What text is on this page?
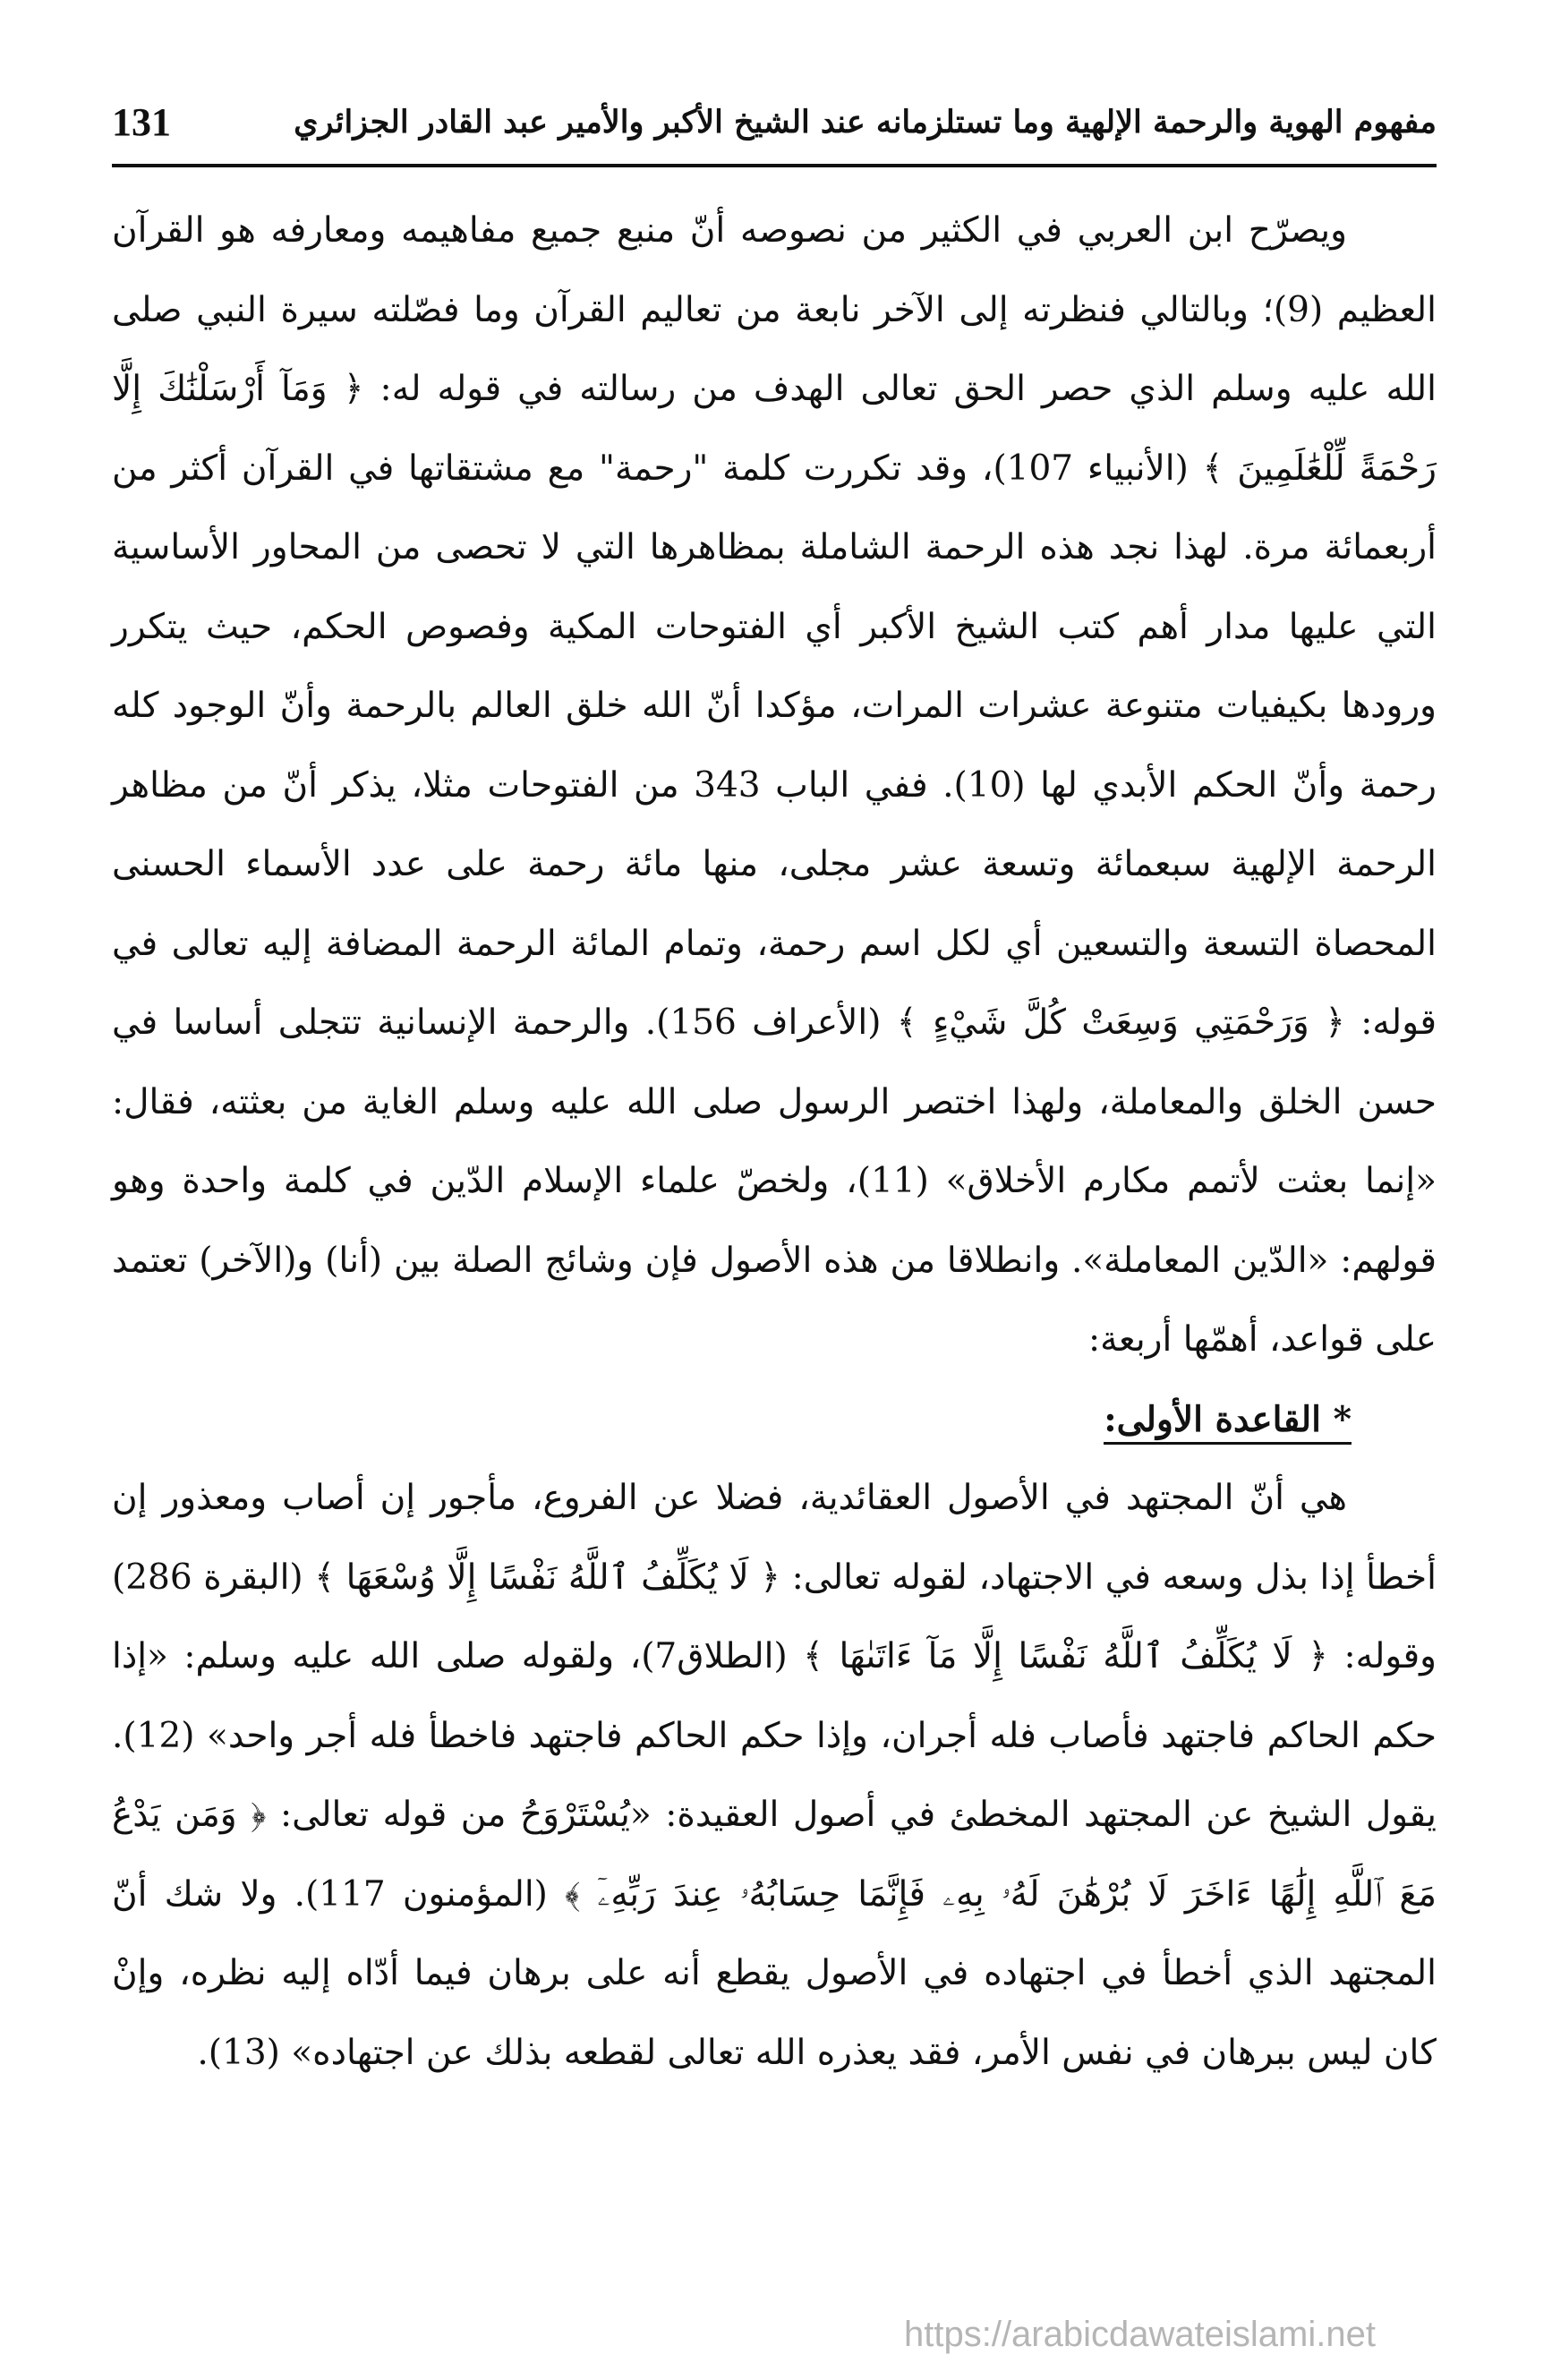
مفهوم الهوية والرحمة الإلهية وما تستلزمانه عند الشيخ الأكبر والأمير عبد القادر الجزائري
131

ويصرّح ابن العربي في الكثير من نصوصه أنّ منبع جميع مفاهيمه ومعارفه هو القرآن العظيم (9)؛ وبالتالي فنظرته إلى الآخر نابعة من تعاليم القرآن وما فصّلته سيرة النبي صلى الله عليه وسلم الذي حصر الحق تعالى الهدف من رسالته في قوله له: ﴿ وَمَآ أَرْسَلْنَٰكَ إِلَّا رَحْمَةً لِّلْعَٰلَمِينَ ﴾ (الأنبياء 107)، وقد تكررت كلمة "رحمة" مع مشتقاتها في القرآن أكثر من أربعمائة مرة. لهذا نجد هذه الرحمة الشاملة بمظاهرها التي لا تحصى من المحاور الأساسية التي عليها مدار أهم كتب الشيخ الأكبر أي الفتوحات المكية وفصوص الحكم، حيث يتكرر ورودها بكيفيات متنوعة عشرات المرات، مؤكدا أنّ الله خلق العالم بالرحمة وأنّ الوجود كله رحمة وأنّ الحكم الأبدي لها (10). ففي الباب 343 من الفتوحات مثلا، يذكر أنّ من مظاهر الرحمة الإلهية سبعمائة وتسعة عشر مجلى، منها مائة رحمة على عدد الأسماء الحسنى المحصاة التسعة والتسعين أي لكل اسم رحمة، وتمام المائة الرحمة المضافة إليه تعالى في قوله: ﴿ وَرَحْمَتِي وَسِعَتْ كُلَّ شَيْءٍ ﴾ (الأعراف 156). والرحمة الإنسانية تتجلى أساسا في حسن الخلق والمعاملة، ولهذا اختصر الرسول صلى الله عليه وسلم الغاية من بعثته، فقال: «إنما بعثت لأتمم مكارم الأخلاق» (11)، ولخصّ علماء الإسلام الدّين في كلمة واحدة وهو قولهم: «الدّين المعاملة». وانطلاقا من هذه الأصول فإن وشائج الصلة بين (أنا) و(الآخر) تعتمد على قواعد، أهمّها أربعة:

* القاعدة الأولى:

هي أنّ المجتهد في الأصول العقائدية، فضلا عن الفروع، مأجور إن أصاب ومعذور إن أخطأ إذا بذل وسعه في الاجتهاد، لقوله تعالى: ﴿ لَا يُكَلِّفُ ٱللَّهُ نَفْسًا إِلَّا وُسْعَهَا ﴾ (البقرة 286) وقوله: ﴿ لَا يُكَلِّفُ ٱللَّهُ نَفْسًا إِلَّا مَآ ءَاتَىٰهَا ﴾ (الطلاق7)، ولقوله صلى الله عليه وسلم: «إذا حكم الحاكم فاجتهد فأصاب فله أجران، وإذا حكم الحاكم فاجتهد فاخطأ فله أجر واحد» (12). يقول الشيخ عن المجتهد المخطئ في أصول العقيدة: «يُسْتَرْوَحُ من قوله تعالى: ﴿ وَمَن يَدْعُ مَعَ ٱللَّهِ إِلَٰهًا ءَاخَرَ لَا بُرْهَٰنَ لَهُۥ بِهِۦ فَإِنَّمَا حِسَابُهُۥ عِندَ رَبِّهِۦٓ ﴾ (المؤمنون 117). ولا شك أنّ المجتهد الذي أخطأ في اجتهاده في الأصول يقطع أنه على برهان فيما أدّاه إليه نظره، وإنْ كان ليس ببرهان في نفس الأمر، فقد يعذره الله تعالى لقطعه بذلك عن اجتهاده» (13).

https://arabicdawateislami.net
